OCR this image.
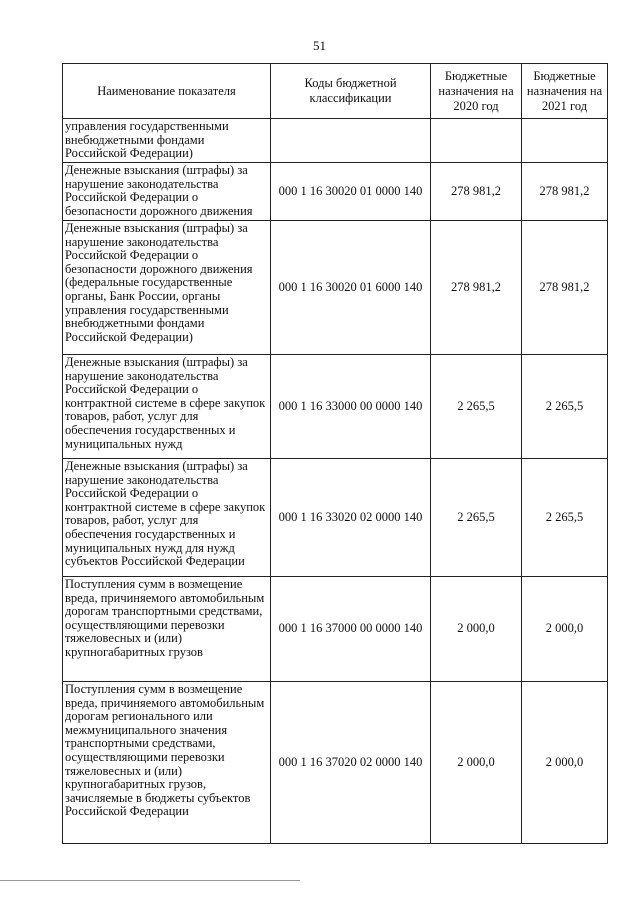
51
Наименование показателя	Коды бюджетной классификации	Бюджетные назначения на 2020 год	Бюджетные назначения на 2021 год
управления государственными внебюджетными фондами Российской Федерации)			
Денежные взыскания (штрафы) за нарушение законодательства Российской Федерации о безопасности дорожного движения	000 1 16 30020 01 0000 140	278 981,2	278 981,2
Денежные взыскания (штрафы) за нарушение законодательства Российской Федерации о безопасности дорожного движения (федеральные государственные органы, Банк России, органы управления государственными внебюджетными фондами Российской Федерации)	000 1 16 30020 01 6000 140	278 981,2	278 981,2
Денежные взыскания (штрафы) за нарушение законодательства Российской Федерации о контрактной системе в сфере закупок товаров, работ, услуг для обеспечения государственных и муниципальных нужд	000 1 16 33000 00 0000 140	2 265,5	2 265,5
Денежные взыскания (штрафы) за нарушение законодательства Российской Федерации о контрактной системе в сфере закупок товаров, работ, услуг для обеспечения государственных и муниципальных нужд для нужд субъектов Российской Федерации	000 1 16 33020 02 0000 140	2 265,5	2 265,5
Поступления сумм в возмещение вреда, причиняемого автомобильным дорогам транспортными средствами, осуществляющими перевозки тяжеловесных и (или) крупногабаритных грузов	000 1 16 37000 00 0000 140	2 000,0	2 000,0
Поступления сумм в возмещение вреда, причиняемого автомобильным дорогам регионального или межмуниципального значения транспортными средствами, осуществляющими перевозки тяжеловесных и (или) крупногабаритных грузов, зачисляемые в бюджеты субъектов Российской Федерации	000 1 16 37020 02 0000 140	2 000,0	2 000,0
